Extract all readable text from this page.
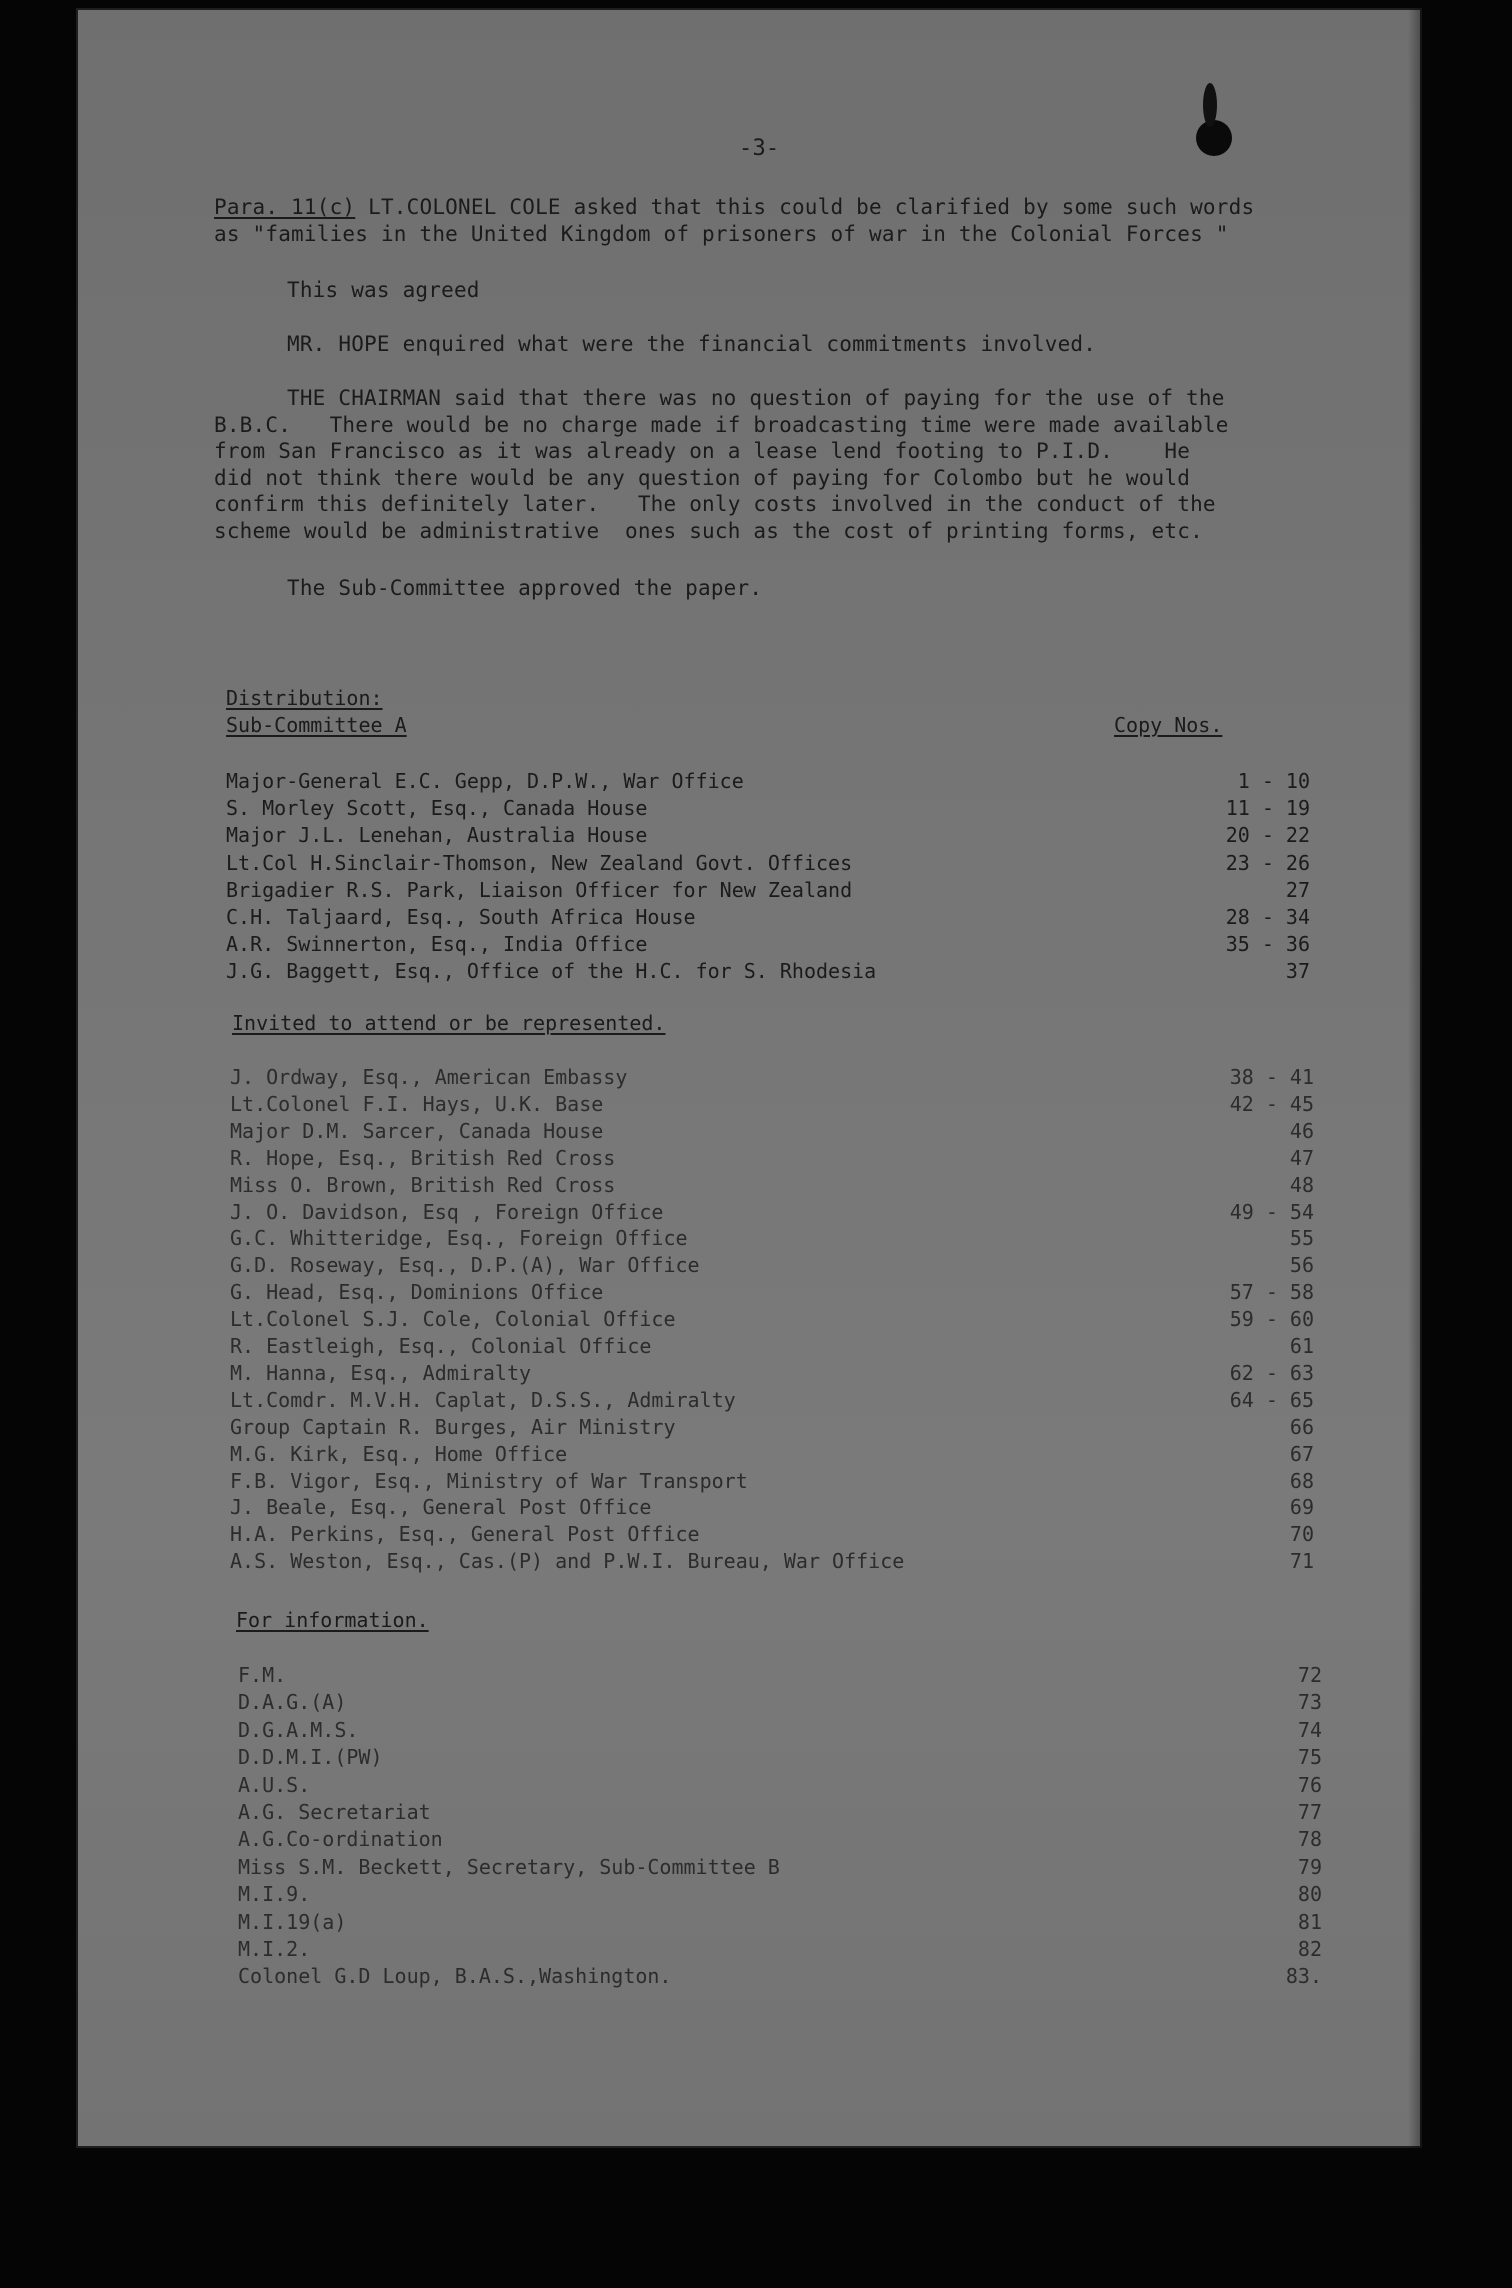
-3-
Para. 11(c) LT.COLONEL COLE asked that this could be clarified by some such words
as "families in the United Kingdom of prisoners of war in the Colonial Forces "
This was agreed
MR. HOPE enquired what were the financial commitments involved.
THE CHAIRMAN said that there was no question of paying for the use of the
B.B.C.   There would be no charge made if broadcasting time were made available
from San Francisco as it was already on a lease lend footing to P.I.D.    He
did not think there would be any question of paying for Colombo but he would
confirm this definitely later.   The only costs involved in the conduct of the
scheme would be administrative  ones such as the cost of printing forms, etc.
The Sub-Committee approved the paper.
Distribution:
Sub-Committee A	Copy Nos.
Invited to attend or be represented.
For information.
Major-General E.C. Gepp, D.P.W., War Office	1 - 10
S. Morley Scott, Esq., Canada House	11 - 19
Major J.L. Lenehan, Australia House	20 - 22
Lt.Col H.Sinclair-Thomson, New Zealand Govt. Offices	23 - 26
Brigadier R.S. Park, Liaison Officer for New Zealand	27
C.H. Taljaard, Esq., South Africa House	28 - 34
A.R. Swinnerton, Esq., India Office	35 - 36
J.G. Baggett, Esq., Office of the H.C. for S. Rhodesia	37
J. Ordway, Esq., American Embassy	38 - 41
Lt.Colonel F.I. Hays, U.K. Base	42 - 45
Major D.M. Sarcer, Canada House	46
R. Hope, Esq., British Red Cross	47
Miss O. Brown, British Red Cross	48
J. O. Davidson, Esq , Foreign Office	49 - 54
G.C. Whitteridge, Esq., Foreign Office	55
G.D. Roseway, Esq., D.P.(A), War Office	56
G. Head, Esq., Dominions Office	57 - 58
Lt.Colonel S.J. Cole, Colonial Office	59 - 60
R. Eastleigh, Esq., Colonial Office	61
M. Hanna, Esq., Admiralty	62 - 63
Lt.Comdr. M.V.H. Caplat, D.S.S., Admiralty	64 - 65
Group Captain R. Burges, Air Ministry	66
M.G. Kirk, Esq., Home Office	67
F.B. Vigor, Esq., Ministry of War Transport	68
J. Beale, Esq., General Post Office	69
H.A. Perkins, Esq., General Post Office	70
A.S. Weston, Esq., Cas.(P) and P.W.I. Bureau, War Office	71
F.M.	72
D.A.G.(A)	73
D.G.A.M.S.	74
D.D.M.I.(PW)	75
A.U.S.	76
A.G. Secretariat	77
A.G.Co-ordination	78
Miss S.M. Beckett, Secretary, Sub-Committee B	79
M.I.9.	80
M.I.19(a)	81
M.I.2.	82
Colonel G.D Loup, B.A.S.,Washington.	83.
